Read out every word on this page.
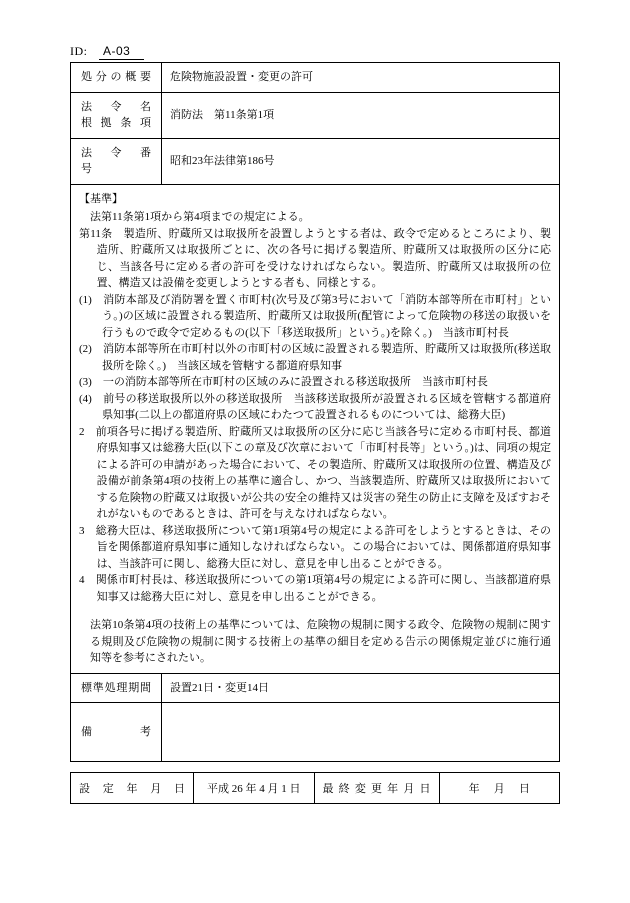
ID: A-03
処分の概要	危険物施設設置・変更の許可

法　令　名
根 拠 条 項	消防法　第11条第1項

法　令　番　号	昭和23年法律第186号

【基準】

法第11条第1項から第4項までの規定による。

第11条　製造所、貯蔵所又は取扱所を設置しようとする者は、政令で定めるところにより、製造所、貯蔵所又は取扱所ごとに、次の各号に掲げる製造所、貯蔵所又は取扱所の区分に応じ、当該各号に定める者の許可を受けなければならない。製造所、貯蔵所又は取扱所の位置、構造又は設備を変更しようとする者も、同様とする。

(1)　消防本部及び消防署を置く市町村(次号及び第3号において「消防本部等所在市町村」という。)の区域に設置される製造所、貯蔵所又は取扱所(配管によって危険物の移送の取扱いを行うもので政令で定めるもの(以下「移送取扱所」という。)を除く。)　当該市町村長

(2)　消防本部等所在市町村以外の市町村の区域に設置される製造所、貯蔵所又は取扱所(移送取扱所を除く。)　当該区域を管轄する都道府県知事

(3)　一の消防本部等所在市町村の区域のみに設置される移送取扱所　当該市町村長

(4)　前号の移送取扱所以外の移送取扱所　当該移送取扱所が設置される区域を管轄する都道府県知事(二以上の都道府県の区域にわたつて設置されるものについては、総務大臣)

2　前項各号に掲げる製造所、貯蔵所又は取扱所の区分に応じ当該各号に定める市町村長、都道府県知事又は総務大臣(以下この章及び次章において「市町村長等」という。)は、同項の規定による許可の申請があった場合において、その製造所、貯蔵所又は取扱所の位置、構造及び設備が前条第4項の技術上の基準に適合し、かつ、当該製造所、貯蔵所又は取扱所においてする危険物の貯蔵又は取扱いが公共の安全の維持又は災害の発生の防止に支障を及ぼすおそれがないものであるときは、許可を与えなければならない。

3　総務大臣は、移送取扱所について第1項第4号の規定による許可をしようとするときは、その旨を関係都道府県知事に通知しなければならない。この場合においては、関係都道府県知事は、当該許可に関し、総務大臣に対し、意見を申し出ることができる。

4　関係市町村長は、移送取扱所についての第1項第4号の規定による許可に関し、当該都道府県知事又は総務大臣に対し、意見を申し出ることができる。

法第10条第4項の技術上の基準については、危険物の規制に関する政令、危険物の規制に関する規則及び危険物の規制に関する技術上の基準の細目を定める告示の関係規定並びに施行通知等を参考にされたい。

標準処理期間	設置21日・変更14日

備考	

設 定 年 月 日	平成 26 年 4 月 1 日	最終変更年月日	年 月 日
